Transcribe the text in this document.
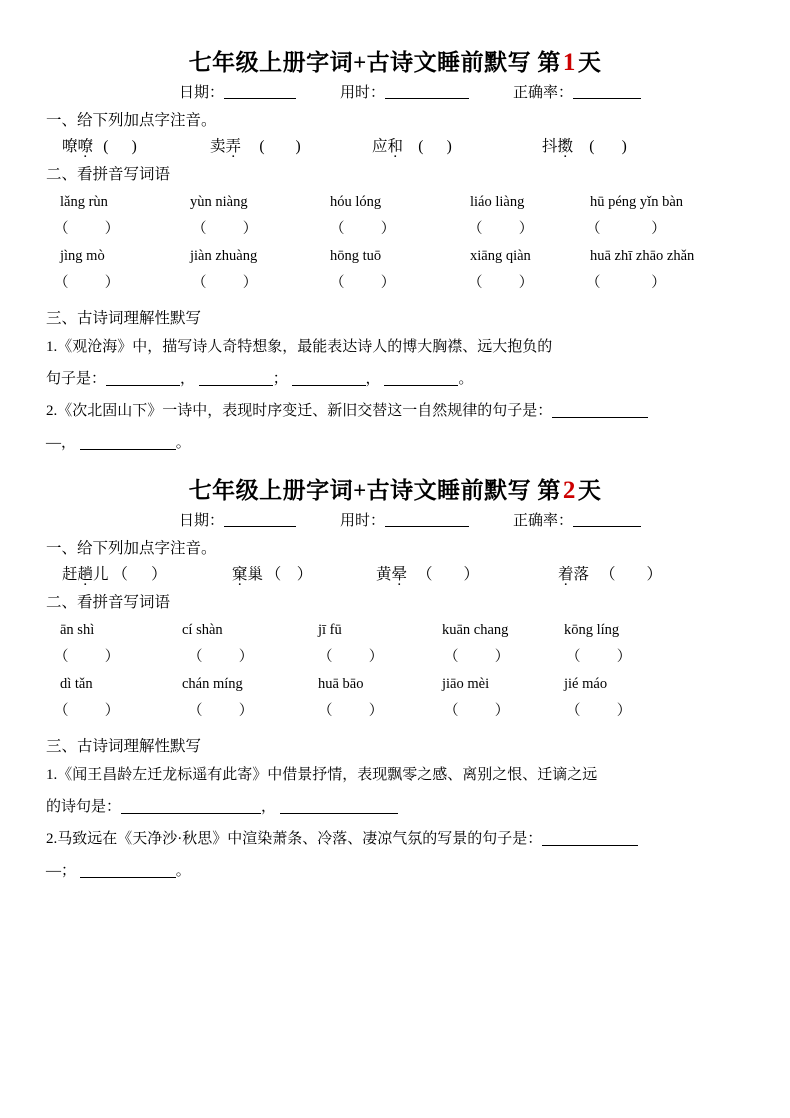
七年级上册字词+古诗文睡前默写 第1天
日期：	用时：	正确率：
一、给下列加点字注音。
嘹嘹 (      )	卖弄	(        )	应和 (      )	抖擞	(       )
二、看拼音写词语
lǎng rùn	yùn niàng	hóu lóng	liáo liàng	hū péng yǐn bàn
（          ）	（          ）	（          ）	（          ）	（              ）
jìng mò	jiàn zhuàng	hōng tuō	xiāng qiàn	huā zhī zhāo zhǎn
（          ）	（          ）	（          ）	（          ）	（              ）
三、古诗词理解性默写
1.《观沧海》中，描写诗人奇特想象，最能表达诗人的博大胸襟、远大抱负的
句子是：	，	；	，	。
2.《次北固山下》一诗中，表现时序变迁、新旧交替这一自然规律的句子是：
—，	。
七年级上册字词+古诗文睡前默写 第2天
日期：	用时：	正确率：
一、给下列加点字注音。
赶趟儿 （      ）	窠巢 （    ）	黄晕 （        ）	着落 （        ）
二、看拼音写词语
ān shì	cí shàn	jī fū	kuān chang	kōng líng
（          ）	（          ）	（          ）	（          ）	（          ）
dì tǎn	chán míng	huā bāo	jiāo mèi	jié máo
（          ）	（          ）	（          ）	（          ）	（          ）
三、古诗词理解性默写
1.《闻王昌龄左迁龙标遥有此寄》中借景抒情，表现飘零之感、离别之恨、迁谪之远
的诗句是：	，
2.马致远在《天净沙·秋思》中渲染萧条、冷落、凄凉气氛的写景的句子是：
—；	。
